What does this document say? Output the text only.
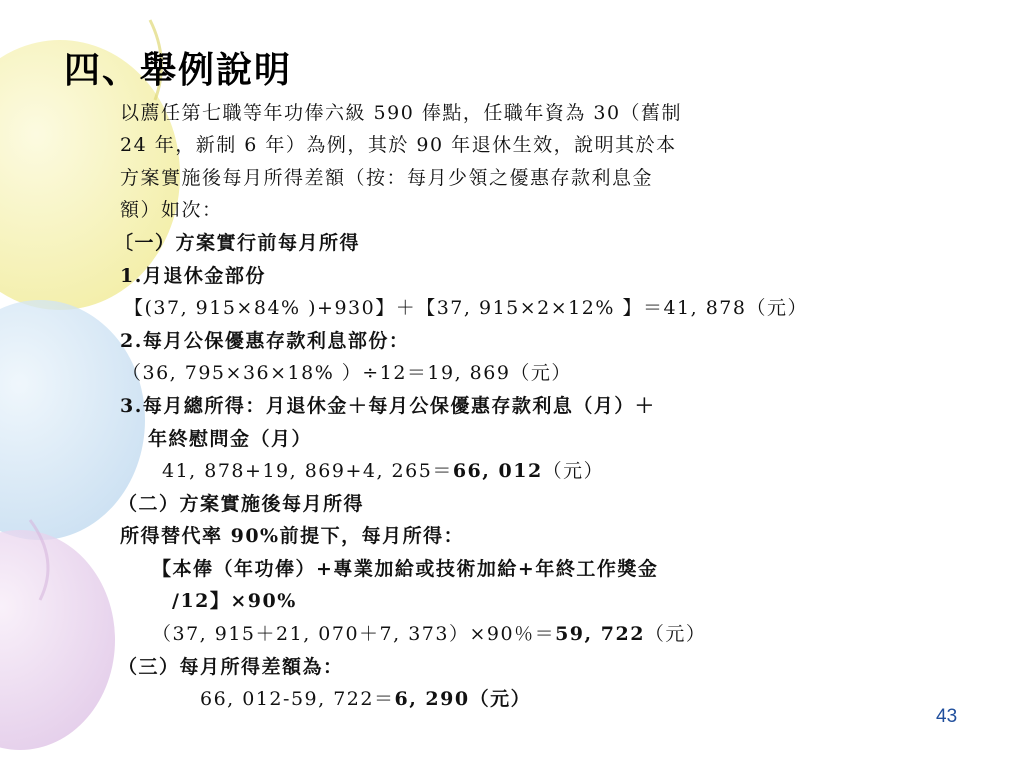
四、舉例說明
以薦任第七職等年功俸六級 590 俸點，任職年資為 30（舊制
24 年，新制 6 年）為例，其於 90 年退休生效，說明其於本
方案實施後每月所得差額（按：每月少領之優惠存款利息金
額）如次：
〔一）方案實行前每月所得
1.月退休金部份
【(37, 915×84% )+930】＋【37, 915×2×12% 】＝41, 878（元）
2.每月公保優惠存款利息部份：
（36, 795×36×18% ）÷12＝19, 869（元）
3.每月總所得：月退休金＋每月公保優惠存款利息（月）＋
年終慰問金（月）
41, 878+19, 869+4, 265＝66, 012（元）
（二）方案實施後每月所得
所得替代率 90%前提下，每月所得：
【本俸（年功俸）+專業加給或技術加給+年終工作獎金
/12】×90%
（37, 915＋21, 070＋7, 373）×90％＝59, 722（元）
（三）每月所得差額為：
66, 012-59, 722＝6, 290（元）
43
